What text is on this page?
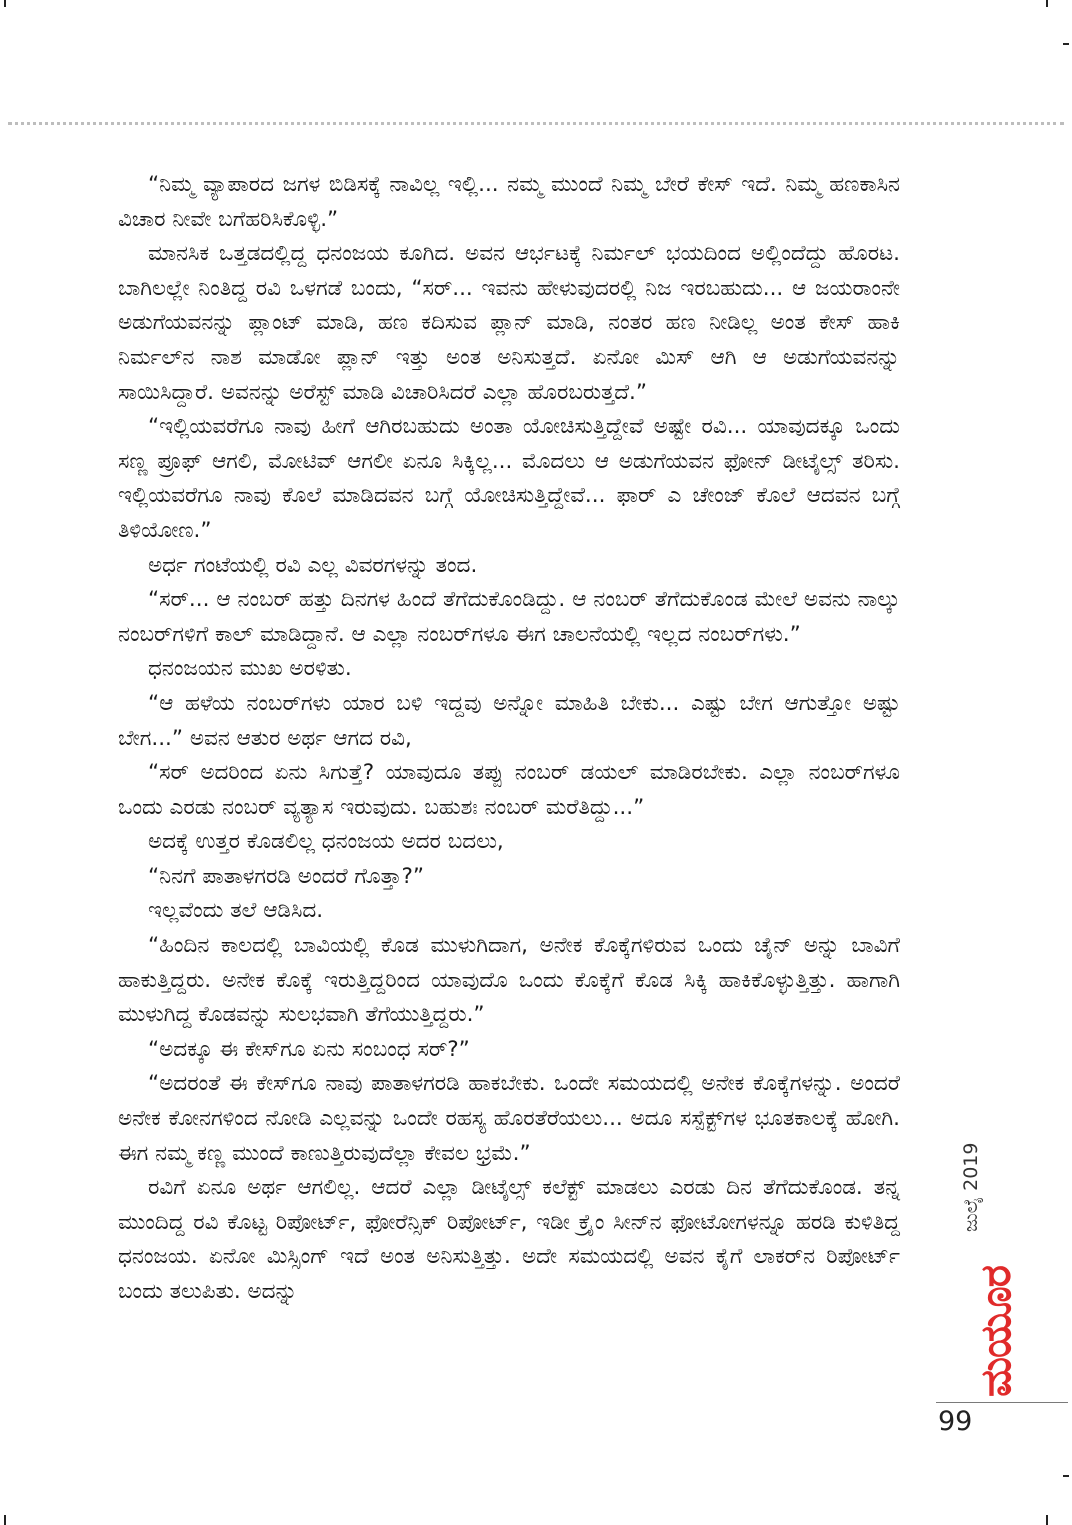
“ನಿಮ್ಮ ವ್ಯಾಪಾರದ ಜಗಳ ಬಿಡಿಸಕ್ಕೆ ನಾವಿಲ್ಲ ಇಲ್ಲಿ... ನಮ್ಮ ಮುಂದೆ ನಿಮ್ಮ ಬೇರೆ ಕೇಸ್ ಇದೆ. ನಿಮ್ಮ ಹಣಕಾಸಿನ ವಿಚಾರ ನೀವೇ ಬಗೆಹರಿಸಿಕೊಳ್ಳಿ.”

ಮಾನಸಿಕ ಒತ್ತಡದಲ್ಲಿದ್ದ ಧನಂಜಯ ಕೂಗಿದ. ಅವನ ಆರ್ಭಟಕ್ಕೆ ನಿರ್ಮಲ್ ಭಯದಿಂದ ಅಲ್ಲಿಂದೆದ್ದು ಹೊರಟ. ಬಾಗಿಲಲ್ಲೇ ನಿಂತಿದ್ದ ರವಿ ಒಳಗಡೆ ಬಂದು, “ಸರ್... ಇವನು ಹೇಳುವುದರಲ್ಲಿ ನಿಜ ಇರಬಹುದು... ಆ ಜಯರಾಂನೇ ಅಡುಗೆಯವನನ್ನು ಪ್ಲಾಂಟ್ ಮಾಡಿ, ಹಣ ಕದಿಸುವ ಪ್ಲಾನ್ ಮಾಡಿ, ನಂತರ ಹಣ ನೀಡಿಲ್ಲ ಅಂತ ಕೇಸ್ ಹಾಕಿ ನಿರ್ಮಲ್‌ನ ನಾಶ ಮಾಡೋ ಪ್ಲಾನ್ ಇತ್ತು ಅಂತ ಅನಿಸುತ್ತದೆ. ಏನೋ ಮಿಸ್ ಆಗಿ ಆ ಅಡುಗೆಯವನನ್ನು ಸಾಯಿಸಿದ್ದಾರೆ. ಅವನನ್ನು ಅರೆಸ್ಟ್ ಮಾಡಿ ವಿಚಾರಿಸಿದರೆ ಎಲ್ಲಾ ಹೊರಬರುತ್ತದೆ.”

“ಇಲ್ಲಿಯವರೆಗೂ ನಾವು ಹೀಗೆ ಆಗಿರಬಹುದು ಅಂತಾ ಯೋಚಿಸುತ್ತಿದ್ದೇವೆ ಅಷ್ಟೇ ರವಿ... ಯಾವುದಕ್ಕೂ ಒಂದು ಸಣ್ಣ ಪ್ರೂಫ್ ಆಗಲಿ, ಮೋಟಿವ್ ಆಗಲೀ ಏನೂ ಸಿಕ್ಕಿಲ್ಲ... ಮೊದಲು ಆ ಅಡುಗೆಯವನ ಫೋನ್ ಡೀಟೈಲ್ಸ್ ತರಿಸು. ಇಲ್ಲಿಯವರೆಗೂ ನಾವು ಕೊಲೆ ಮಾಡಿದವನ ಬಗ್ಗೆ ಯೋಚಿಸುತ್ತಿದ್ದೇವೆ... ಫಾರ್ ಎ ಚೇಂಜ್ ಕೊಲೆ ಆದವನ ಬಗ್ಗೆ ತಿಳಿಯೋಣ.”

ಅರ್ಧ ಗಂಟೆಯಲ್ಲಿ ರವಿ ಎಲ್ಲ ವಿವರಗಳನ್ನು ತಂದ.

“ಸರ್... ಆ ನಂಬರ್ ಹತ್ತು ದಿನಗಳ ಹಿಂದೆ ತೆಗೆದುಕೊಂಡಿದ್ದು. ಆ ನಂಬರ್ ತೆಗೆದುಕೊಂಡ ಮೇಲೆ ಅವನು ನಾಲ್ಕು ನಂಬರ್‌ಗಳಿಗೆ ಕಾಲ್ ಮಾಡಿದ್ದಾನೆ. ಆ ಎಲ್ಲಾ ನಂಬರ್‌ಗಳೂ ಈಗ ಚಾಲನೆಯಲ್ಲಿ ಇಲ್ಲದ ನಂಬರ್‌ಗಳು.”

ಧನಂಜಯನ ಮುಖ ಅರಳಿತು.

“ಆ ಹಳೆಯ ನಂಬರ್‌ಗಳು ಯಾರ ಬಳಿ ಇದ್ದವು ಅನ್ನೋ ಮಾಹಿತಿ ಬೇಕು... ಎಷ್ಟು ಬೇಗ ಆಗುತ್ತೋ ಅಷ್ಟು ಬೇಗ...” ಅವನ ಆತುರ ಅರ್ಥ ಆಗದ ರವಿ,

“ಸರ್ ಅದರಿಂದ ಏನು ಸಿಗುತ್ತೆ? ಯಾವುದೂ ತಪ್ಪು ನಂಬರ್ ಡಯಲ್ ಮಾಡಿರಬೇಕು. ಎಲ್ಲಾ ನಂಬರ್‌ಗಳೂ ಒಂದು ಎರಡು ನಂಬರ್ ವ್ಯತ್ಯಾಸ ಇರುವುದು. ಬಹುಶಃ ನಂಬರ್ ಮರೆತಿದ್ದು...”

ಅದಕ್ಕೆ ಉತ್ತರ ಕೊಡಲಿಲ್ಲ ಧನಂಜಯ ಅದರ ಬದಲು,

“ನಿನಗೆ ಪಾತಾಳಗರಡಿ ಅಂದರೆ ಗೊತ್ತಾ?”

ಇಲ್ಲವೆಂದು ತಲೆ ಆಡಿಸಿದ.

“ಹಿಂದಿನ ಕಾಲದಲ್ಲಿ ಬಾವಿಯಲ್ಲಿ ಕೊಡ ಮುಳುಗಿದಾಗ, ಅನೇಕ ಕೊಕ್ಕೆಗಳಿರುವ ಒಂದು ಚೈನ್ ಅನ್ನು ಬಾವಿಗೆ ಹಾಕುತ್ತಿದ್ದರು. ಅನೇಕ ಕೊಕ್ಕೆ ಇರುತ್ತಿದ್ದರಿಂದ ಯಾವುದೊ ಒಂದು ಕೊಕ್ಕೆಗೆ ಕೊಡ ಸಿಕ್ಕಿ ಹಾಕಿಕೊಳ್ಳುತ್ತಿತ್ತು. ಹಾಗಾಗಿ ಮುಳುಗಿದ್ದ ಕೊಡವನ್ನು ಸುಲಭವಾಗಿ ತೆಗೆಯುತ್ತಿದ್ದರು.”

“ಅದಕ್ಕೂ ಈ ಕೇಸ್‌ಗೂ ಏನು ಸಂಬಂಧ ಸರ್?”

“ಅದರಂತೆ ಈ ಕೇಸ್‌ಗೂ ನಾವು ಪಾತಾಳಗರಡಿ ಹಾಕಬೇಕು. ಒಂದೇ ಸಮಯದಲ್ಲಿ ಅನೇಕ ಕೊಕ್ಕೆಗಳನ್ನು. ಅಂದರೆ ಅನೇಕ ಕೋನಗಳಿಂದ ನೋಡಿ ಎಲ್ಲವನ್ನು ಒಂದೇ ರಹಸ್ಯ ಹೊರತೆರೆಯಲು... ಅದೂ ಸಸ್ಪೆಕ್ಟ್‌ಗಳ ಭೂತಕಾಲಕ್ಕೆ ಹೋಗಿ. ಈಗ ನಮ್ಮ ಕಣ್ಣ ಮುಂದೆ ಕಾಣುತ್ತಿರುವುದೆಲ್ಲಾ ಕೇವಲ ಭ್ರಮೆ.”

ರವಿಗೆ ಏನೂ ಅರ್ಥ ಆಗಲಿಲ್ಲ. ಆದರೆ ಎಲ್ಲಾ ಡೀಟೈಲ್ಸ್ ಕಲೆಕ್ಟ್ ಮಾಡಲು ಎರಡು ದಿನ ತೆಗೆದುಕೊಂಡ. ತನ್ನ ಮುಂದಿದ್ದ ರವಿ ಕೊಟ್ಟ ರಿಪೋರ್ಟ್, ಫೋರೆನ್ಸಿಕ್ ರಿಪೋರ್ಟ್, ಇಡೀ ಕ್ರೈಂ ಸೀನ್‌ನ ಫೋಟೋಗಳನ್ನೂ ಹರಡಿ ಕುಳಿತಿದ್ದ ಧನಂಜಯ. ಏನೋ ಮಿಸ್ಸಿಂಗ್ ಇದೆ ಅಂತ ಅನಿಸುತ್ತಿತ್ತು. ಅದೇ ಸಮಯದಲ್ಲಿ ಅವನ ಕೈಗೆ ಲಾಕರ್‌ನ ರಿಪೋರ್ಟ್ ಬಂದು ತಲುಪಿತು. ಅದನ್ನು

ಜುಲೈ 2019
ಮಯೂರ
99
